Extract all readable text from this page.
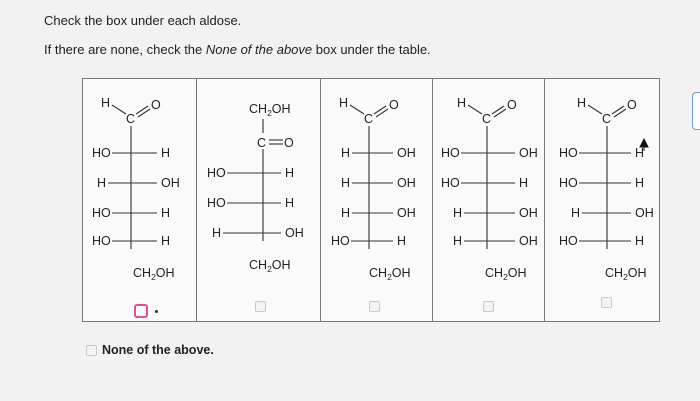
Check the box under each aldose.
If there are none, check the None of the above box under the table.
H
C
O
HO	H
H	OH
HO	H
HO	H
$CH_2OH$
$CH_2OH$
C O
HO	H
HO	H
H	OH
$CH_2OH$
H
C
O
H	OH
H	OH
H	OH
HO	H
$CH_2OH$
H
C
O
HO	OH
HO	H
H	OH
H	OH
$CH_2OH$
H
C
O
HO	H
HO	H
H	OH
HO	H
$CH_2OH$
None of the above.
